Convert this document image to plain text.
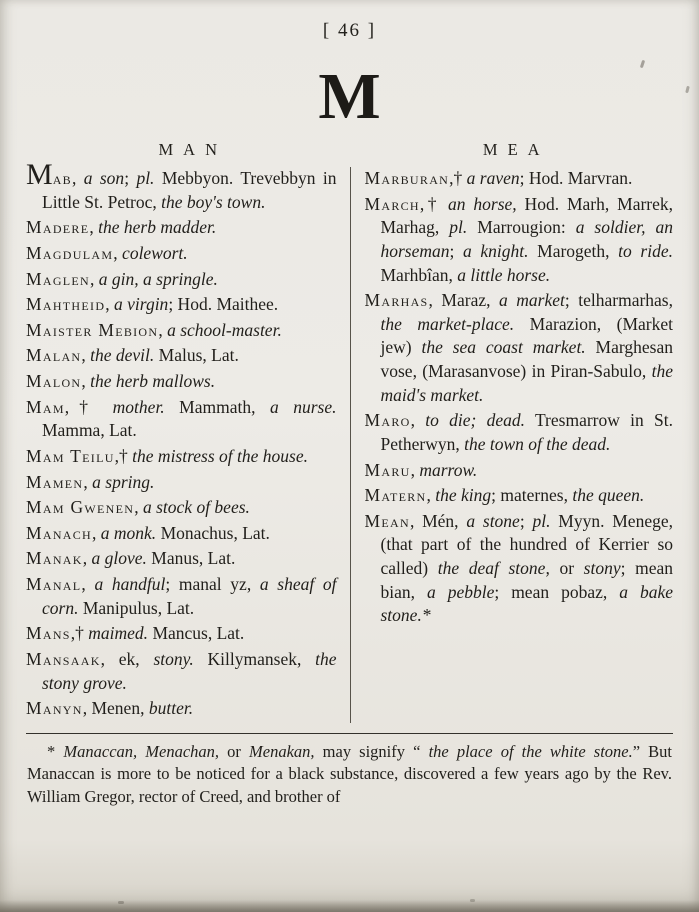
[ 46 ]
M
MAN	MEA

Mab, a son; pl. Mebbyon. Trevebbyn in Little St. Petroc, the boy's town.

Madere, the herb madder.

Magdulam, colewort.

Maglen, a gin, a springle.

Mahtheid, a virgin; Hod. Maithee.

Maister Mebion, a school-master.

Malan, the devil. Malus, Lat.

Malon, the herb mallows.

Mam,† mother. Mammath, a nurse. Mamma, Lat.

Mam Teilu,† the mistress of the house.

Mamen, a spring.

Mam Gwenen, a stock of bees.

Manach, a monk. Monachus, Lat.

Manak, a glove. Manus, Lat.

Manal, a handful; manal yz, a sheaf of corn. Manipulus, Lat.

Mans,† maimed. Mancus, Lat.

Mansaak, ek, stony. Killymansek, the stony grove.

Manyn, Menen, butter.

Marburan,† a raven; Hod. Marvran.

March,† an horse, Hod. Marh, Marrek, Marhag, pl. Marrougion: a soldier, an horseman; a knight. Marogeth, to ride. Marhbîan, a little horse.

Marhas, Maraz, a market; telharmarhas, the market-place. Marazion, (Market jew) the sea coast market. Marghesan vose, (Marasanvose) in Piran-Sabulo, the maid's market.

Maro, to die; dead. Tresmarrow in St. Petherwyn, the town of the dead.

Maru, marrow.

Matern, the king; maternes, the queen.

Mean, Mén, a stone; pl. Myyn. Menege, (that part of the hundred of Kerrier so called) the deaf stone, or stony; mean bian, a pebble; mean pobaz, a bake stone.*

* Manaccan, Menachan, or Menakan, may signify “ the place of the white stone.” But Manaccan is more to be noticed for a black substance, discovered a few years ago by the Rev. William Gregor, rector of Creed, and brother of
